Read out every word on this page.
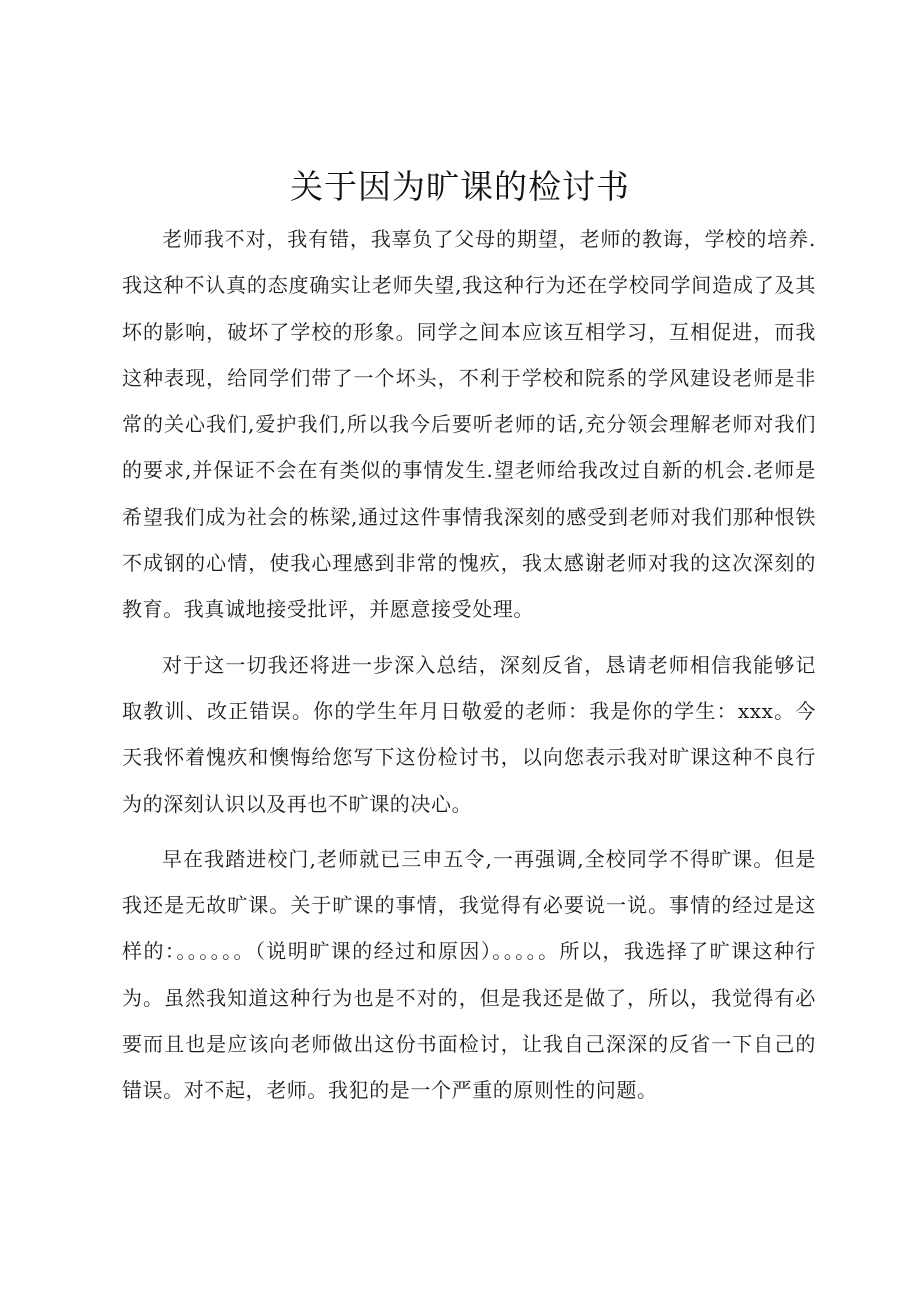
关于因为旷课的检讨书

老师我不对，我有错，我辜负了父母的期望，老师的教诲，学校的培养.我这种不认真的态度确实让老师失望,我这种行为还在学校同学间造成了及其坏的影响，破坏了学校的形象。同学之间本应该互相学习，互相促进，而我这种表现，给同学们带了一个坏头，不利于学校和院系的学风建设老师是非常的关心我们,爱护我们,所以我今后要听老师的话,充分领会理解老师对我们的要求,并保证不会在有类似的事情发生.望老师给我改过自新的机会.老师是希望我们成为社会的栋梁,通过这件事情我深刻的感受到老师对我们那种恨铁不成钢的心情，使我心理感到非常的愧疚，我太感谢老师对我的这次深刻的教育。我真诚地接受批评，并愿意接受处理。

对于这一切我还将进一步深入总结，深刻反省，恳请老师相信我能够记取教训、改正错误。你的学生年月日敬爱的老师：我是你的学生：xxx。今天我怀着愧疚和懊悔给您写下这份检讨书，以向您表示我对旷课这种不良行为的深刻认识以及再也不旷课的决心。

早在我踏进校门,老师就已三申五令,一再强调,全校同学不得旷课。但是我还是无故旷课。关于旷课的事情，我觉得有必要说一说。事情的经过是这样的：。。。。。。（说明旷课的经过和原因）。。。。。所以，我选择了旷课这种行为。虽然我知道这种行为也是不对的，但是我还是做了，所以，我觉得有必要而且也是应该向老师做出这份书面检讨，让我自己深深的反省一下自己的错误。对不起，老师。我犯的是一个严重的原则性的问题。
